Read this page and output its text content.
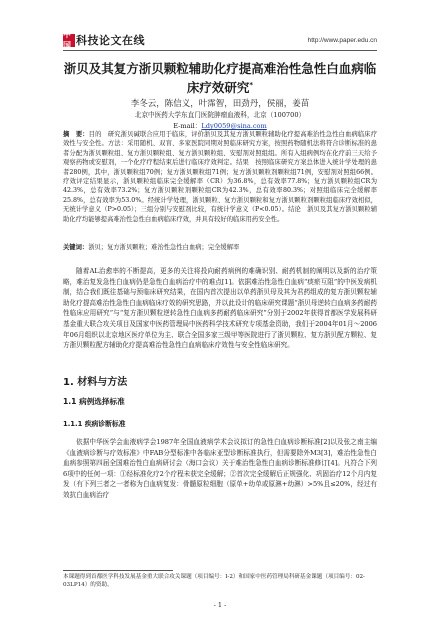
中国 科技论文在线	http://www.paper.edu.cn
浙贝及其复方浙贝颗粒辅助化疗提高难治性急性白血病临床疗效研究*
李冬云，陈信义，叶霈智，田劲丹，侯丽，姜苗
北京中医药大学东直门医院肿瘤血液科，北京（100700）
E-mail：Ldy0059@sina.com
摘　要：目的　研究浙贝碱联合应用于临床，评价浙贝及其复方浙贝颗粒辅助化疗提高难治性急性白血病临床疗效性与安全性。方法：采用随机、双盲、多家医院同期对照临床研究方案，按照药物随机法将符合诊断标准的患者分配为浙贝颗粒组、复方浙贝颗粒组、复方浙贝颗粒组、安慰剂对照组组。所有入组病例均在化疗前三天给予观察药物或安慰剂，一个化疗疗程结束后进行临床疗效判定。结果　按照临床研究方案总体进入统计学处理的患者280例，其中，浙贝颗粒组70例；复方浙贝颗粒组71例；复方浙贝颗粒剂颗粒组71例，安慰剂对照组66例。疗效评定结果显示，浙贝颗粒组临床完全缓解率（CR）为36.8%，总有效率77.8%；复方浙贝颗粒组CR为42.3%，总有效率73.2%；复方浙贝颗粒剂颗粒组CR为42.3%，总有效率80.3%；对照组临床完全缓解率25.8%，总有效率为53.0%。经统计学处理，浙贝颗粒、复方浙贝颗粒和复方浙贝颗粒剂颗粒组临床疗效相似，无统计学意义（P>0.05）；三组分别与安慰剂比较，有统计学意义（P<0.05）。结论　浙贝及其复方浙贝颗粒辅助化疗均能够提高难治性急性白血病临床疗效，并具有较好的临床用药安全性。
关键词：浙贝；复方浙贝颗粒；难治性急性白血病；完全缓解率
随着AL治愈率的不断提高，更多的关注将投向耐药病例的难确识别、耐药机制的阐明以及新的治疗策略，难治复发急性白血病仍是急性白血病治疗中的难点[1]。依据难治性急性白血病“痰瘀互阻”的中医发病机制，结合我们既往基础与预临床研究结果，在国内首次提出以单药浙贝母及其为君药组成的复方浙贝颗粒辅助化疗提高难治性急性白血病临床疗效的研究思路，并以此设计的临床研究课题“浙贝母逆转白血病多药耐药性临床应用研究”与“复方浙贝颗粒逆转急性白血病多药耐药临床研究”分别于2002年获得首都医学发展科研基金重大联合攻关项目及国家中医药管理局中医药科学技术研究专项基金资助，我们于2004年01月～2006年06月组织以北京地区医疗单位为主、联合全国多家三级甲等医院进行了浙贝颗粒、复方浙贝配方颗粒、复方浙贝颗粒配方辅助化疗提高难治性急性白血病临床疗效性与安全性临床研究。
1. 材料与方法
1.1 病例选择标准
1.1.1 疾病诊断标准
依据中华医学会血液病学会1987年全国血液病学术会议拟订的急性白血病诊断标准[2]以及张之南主编《血液病诊断与疗效标准》中FAB分型标准中各临床亚型诊断标准执行，但需要除外M3[3]，难治性急性白血病参照第四届全国难治性白血病研讨会（海口会议）关于难治性急性白血病诊断标准修订[4]。凡符合下列6项中的任何一项：①经标准化疗2个疗程未获完全缓解；②首次完全缓解后正规强化、巩固治疗12个月内复发（有下列三者之一者称为白血病复发：骨髓原粒细胞（原单+幼单或原淋+幼淋）>5%且≤20%，经过有效抗白血病治疗
本课题得到首都医学科技发展基金重大联合攻关课题（项目编号：I-2）和国家中医药管理局科研基金课题（项目编号：02-03LP14）的资助。
- 1 -
